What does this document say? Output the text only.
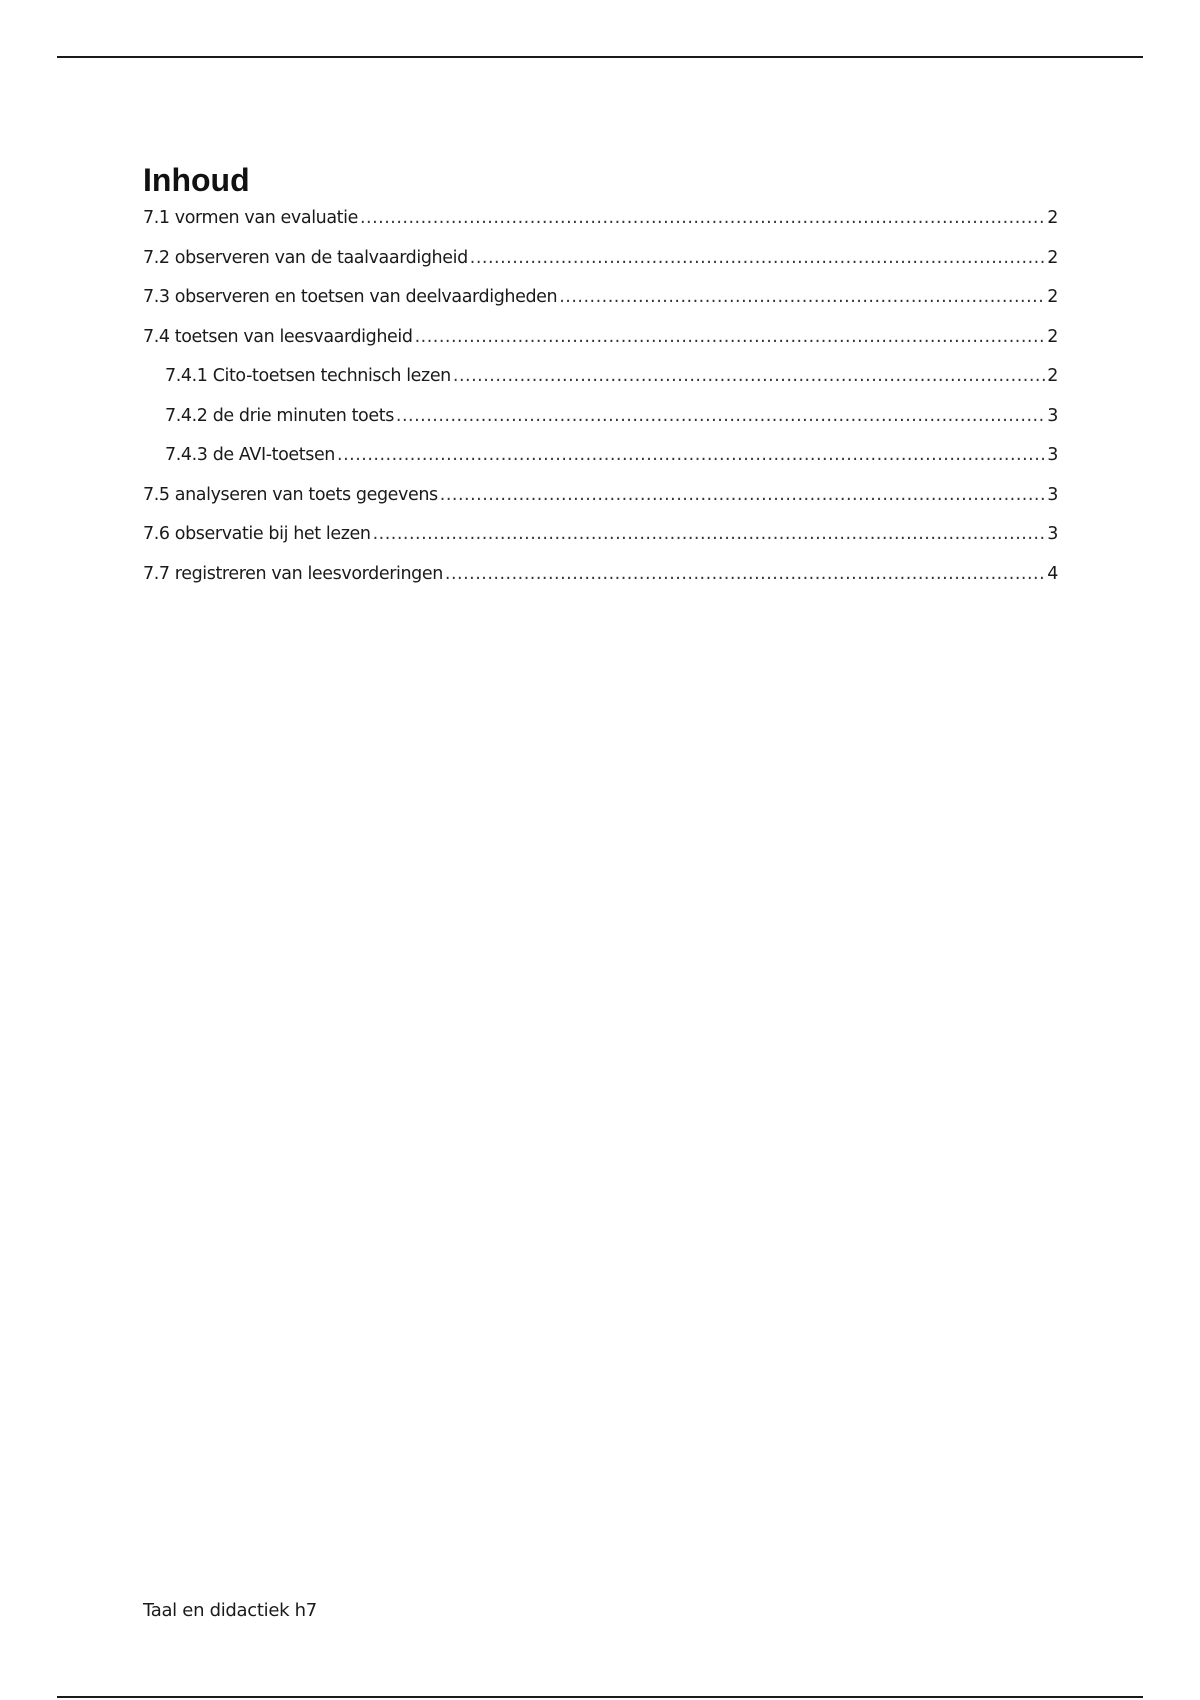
Inhoud
7.1 vormen van evaluatie .....	2
7.2 observeren van de taalvaardigheid .....	2
7.3 observeren en toetsen van deelvaardigheden .....	2
7.4 toetsen van leesvaardigheid .....	2
7.4.1 Cito-toetsen technisch lezen .....	2
7.4.2 de drie minuten toets .....	3
7.4.3 de AVI-toetsen .....	3
7.5 analyseren van toets gegevens .....	3
7.6 observatie bij het lezen .....	3
7.7 registreren van leesvorderingen .....	4
Taal en didactiek h7
